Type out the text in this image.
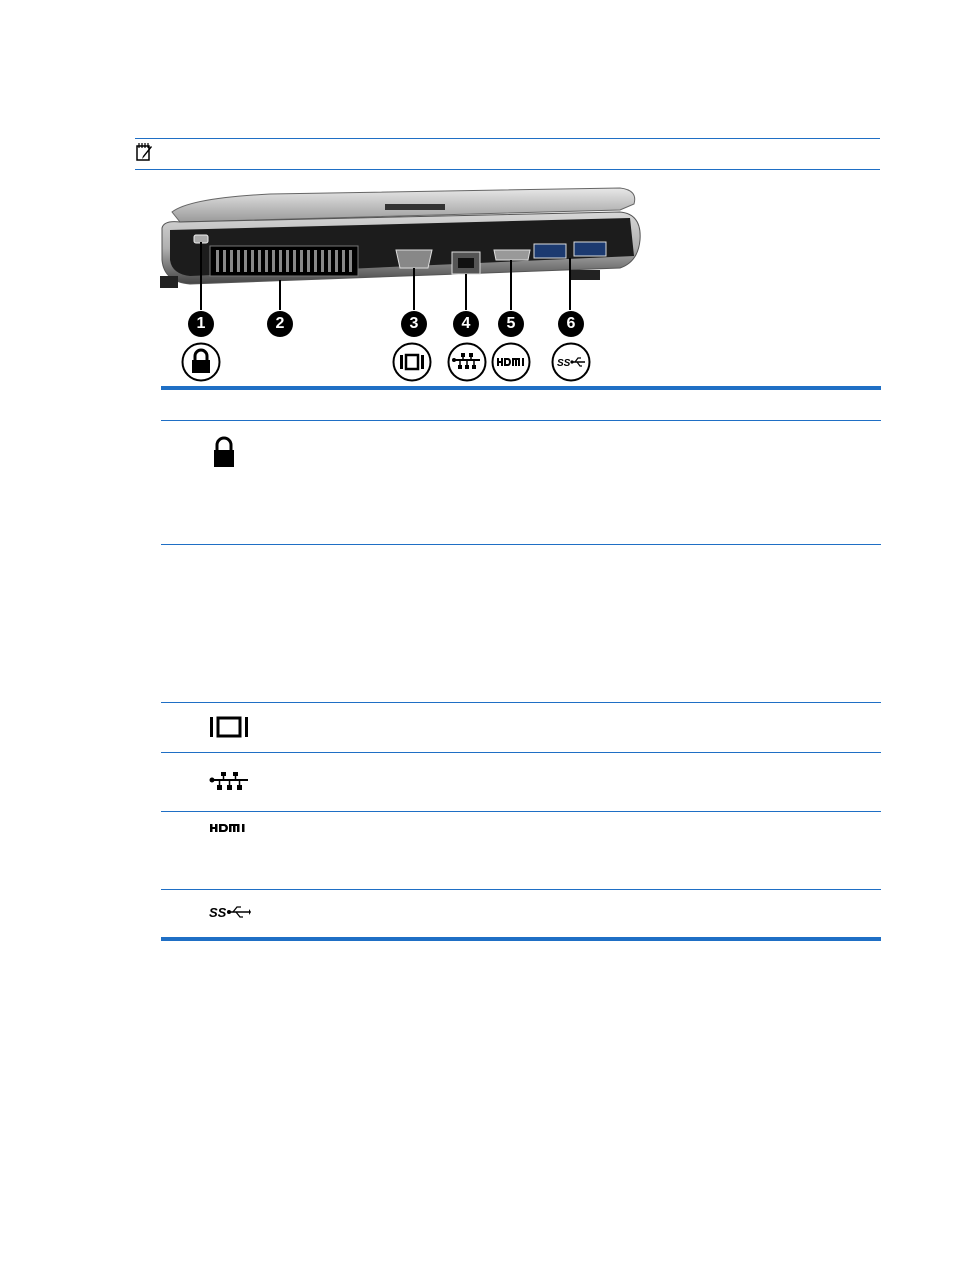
1	2	3	4	5	6
SS
SS
